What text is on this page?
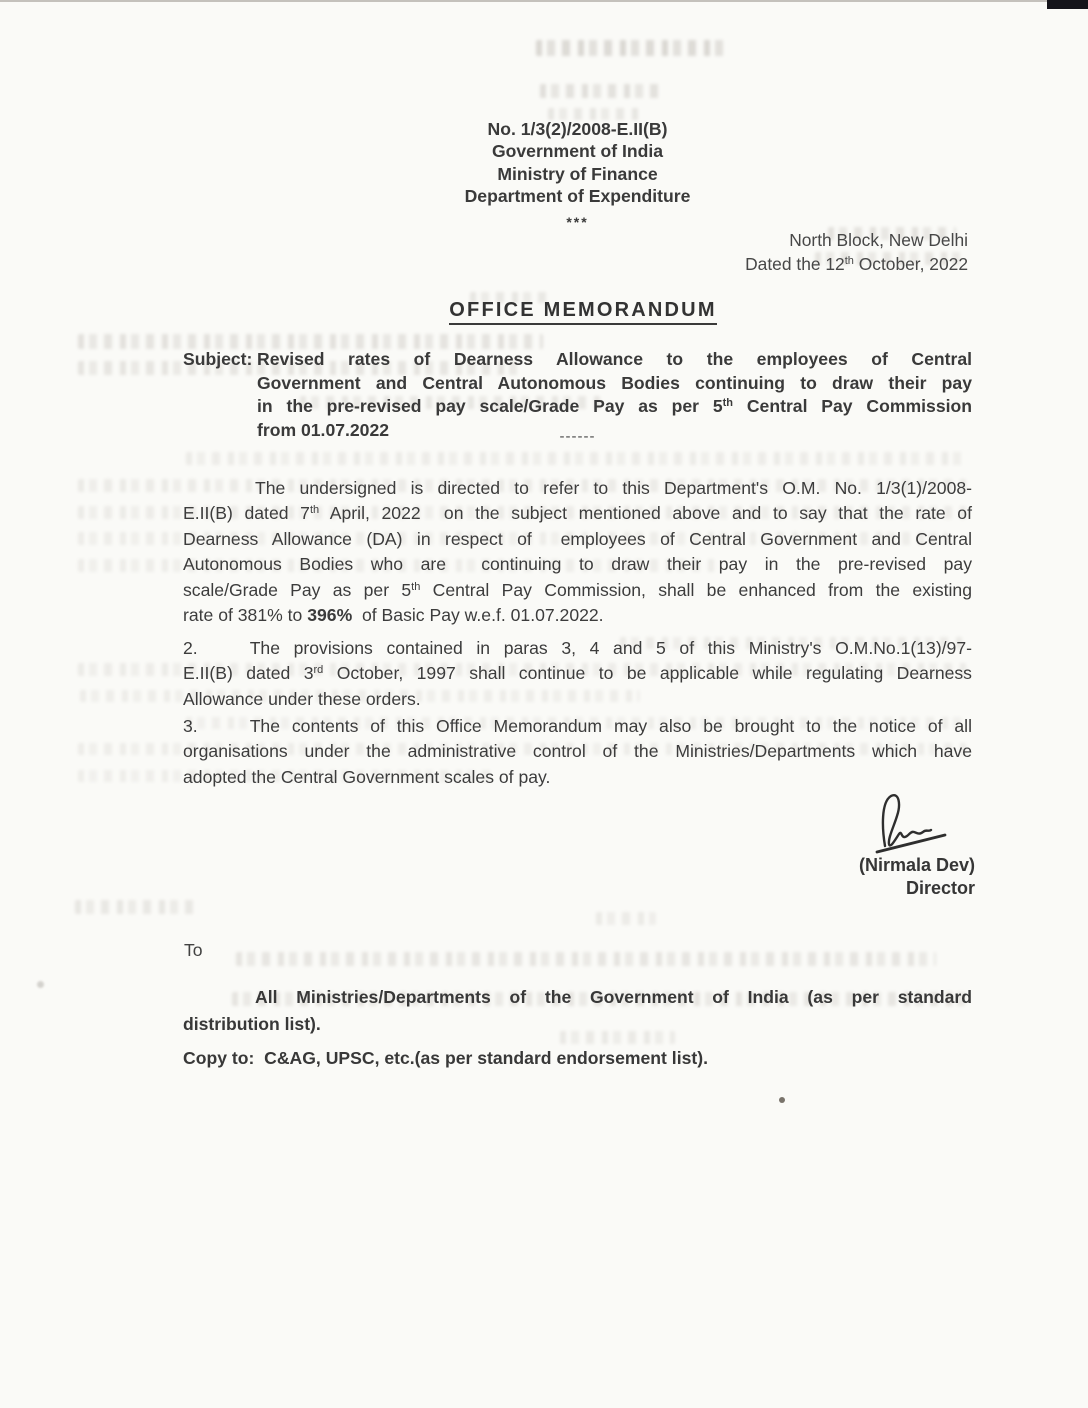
No. 1/3(2)/2008-E.II(B)
Government of India
Ministry of Finance
Department of Expenditure
***
North Block, New Delhi
Dated the 12th October, 2022
OFFICE MEMORANDUM
Subject: Revised rates of Dearness Allowance to the employees of Central
Government and Central Autonomous Bodies continuing to draw their pay
in the pre-revised pay scale/Grade Pay as per 5th Central Pay Commission
from 01.07.2022	------
The undersigned is directed to refer to this Department's O.M. No. 1/3(1)/2008-
E.II(B) dated 7th April, 2022  on the subject mentioned above and to say that the rate of
Dearness Allowance (DA) in respect of  employees of Central Government and Central
Autonomous Bodies who are  continuing to draw their pay in the pre-revised pay
scale/Grade Pay as per 5th Central Pay Commission, shall be enhanced from the existing
rate of 381% to 396%  of Basic Pay w.e.f. 01.07.2022.
2.	The provisions contained in paras 3, 4 and 5 of this Ministry's O.M.No.1(13)/97-
E.II(B) dated 3rd October, 1997 shall continue to be applicable while regulating Dearness
Allowance under these orders.
3.	The contents of this Office Memorandum may also be brought to the notice of all
organisations under the administrative control of the Ministries/Departments which have
adopted the Central Government scales of pay.
(Nirmala Dev)
Director
To
All Ministries/Departments of the Government of India (as per standard
distribution list).
Copy to:  C&AG, UPSC, etc.(as per standard endorsement list).
